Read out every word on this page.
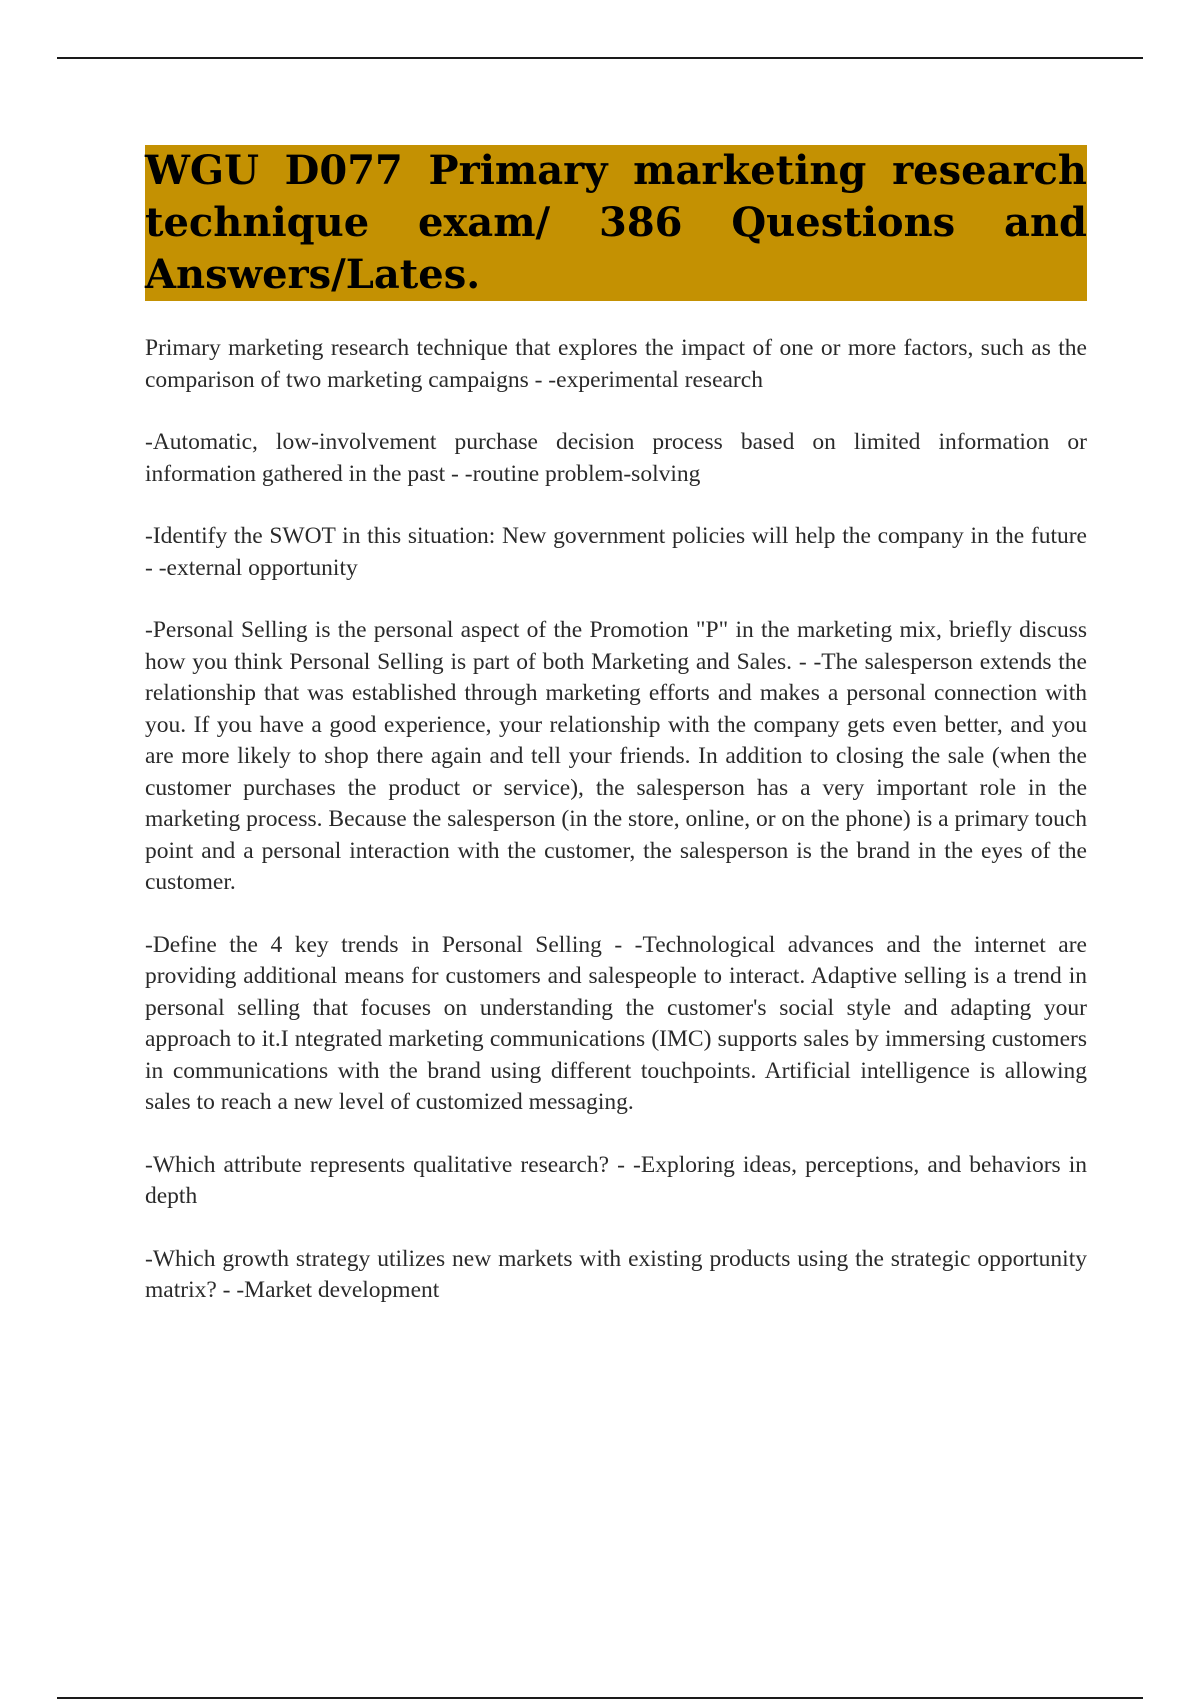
WGU D077 Primary marketing research technique exam/ 386 Questions and Answers/Lates.

Primary marketing research technique that explores the impact of one or more factors, such as the comparison of two marketing campaigns - -experimental research

-Automatic, low-involvement purchase decision process based on limited information or information gathered in the past - -routine problem-solving

-Identify the SWOT in this situation: New government policies will help the company in the future - -external opportunity

-Personal Selling is the personal aspect of the Promotion "P" in the marketing mix, briefly discuss how you think Personal Selling is part of both Marketing and Sales. - -The salesperson extends the relationship that was established through marketing efforts and makes a personal connection with you. If you have a good experience, your relationship with the company gets even better, and you are more likely to shop there again and tell your friends. In addition to closing the sale (when the customer purchases the product or service), the salesperson has a very important role in the marketing process. Because the salesperson (in the store, online, or on the phone) is a primary touch point and a personal interaction with the customer, the salesperson is the brand in the eyes of the customer.

-Define the 4 key trends in Personal Selling - -Technological advances and the internet are providing additional means for customers and salespeople to interact. Adaptive selling is a trend in personal selling that focuses on understanding the customer's social style and adapting your approach to it.I ntegrated marketing communications (IMC) supports sales by immersing customers in communications with the brand using different touchpoints. Artificial intelligence is allowing sales to reach a new level of customized messaging.

-Which attribute represents qualitative research? - -Exploring ideas, perceptions, and behaviors in depth

-Which growth strategy utilizes new markets with existing products using the strategic opportunity matrix? - -Market development
